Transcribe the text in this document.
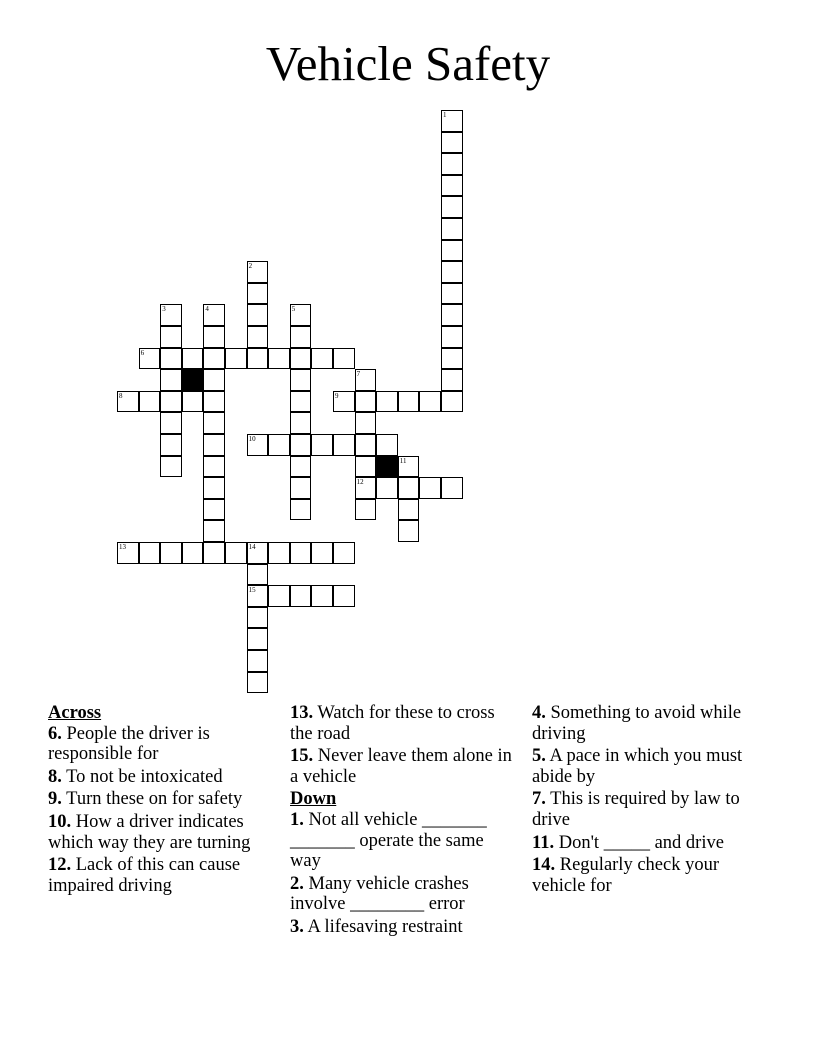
Vehicle Safety
1
2
3	4	5
6
7
12
8	9
10
11
13	14
15
Across
6. People the driver is responsible for
8. To not be intoxicated
9. Turn these on for safety
10. How a driver indicates which way they are turning
12. Lack of this can cause impaired driving
13. Watch for these to cross the road
15. Never leave them alone in a vehicle
Down
1. Not all vehicle _______ _______ operate the same way
2. Many vehicle crashes involve ________ error
3. A lifesaving restraint
4. Something to avoid while driving
5. A pace in which you must abide by
7. This is required by law to drive
11. Don't _____ and drive
14. Regularly check your vehicle for
